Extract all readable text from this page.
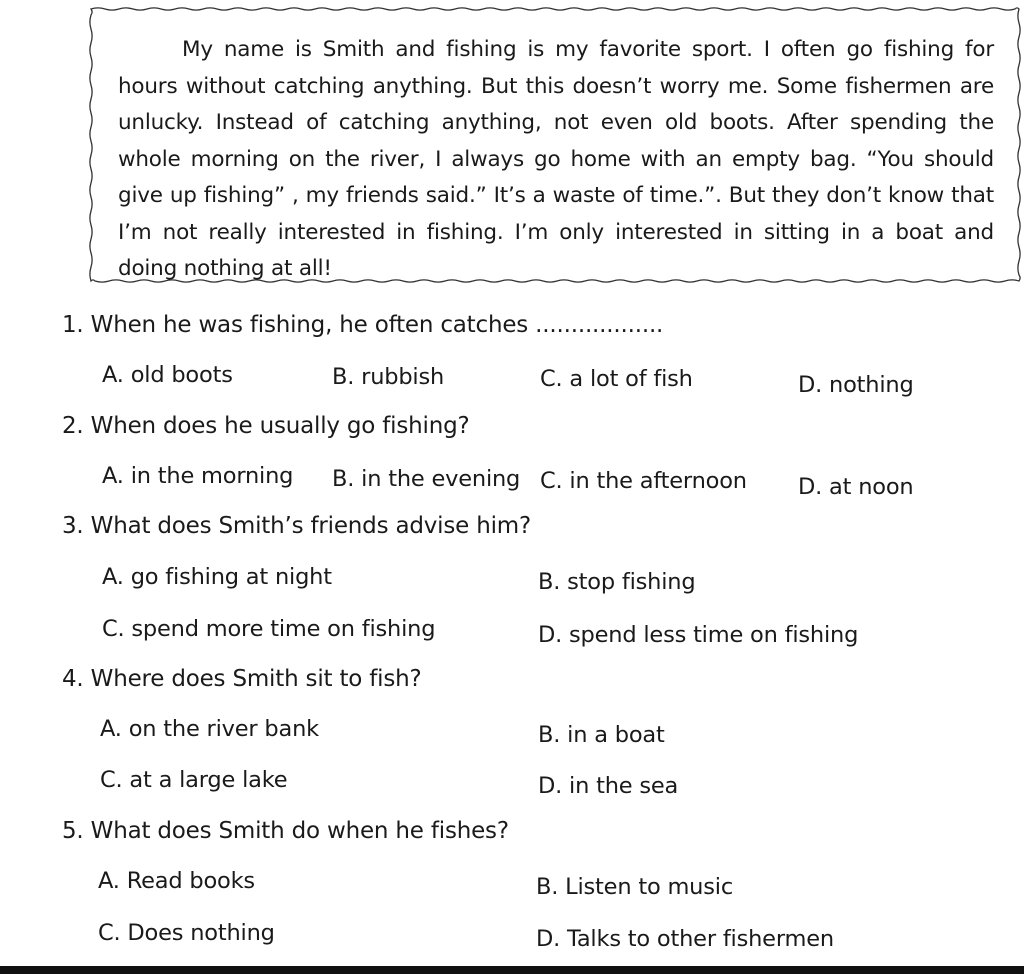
My name is Smith and fishing is my favorite sport. I often go fishing for hours without catching anything. But this doesn’t worry me. Some fishermen are unlucky. Instead of catching anything, not even old boots. After spending the whole morning on the river, I always go home with an empty bag. “You should give up fishing” , my friends said.” It’s a waste of time.”. But they don’t know that I’m not really interested in fishing. I’m only interested in sitting in a boat and doing nothing at all!

1. When he was fishing, he often catches ..................
A. old boots	B. rubbish	C. a lot of fish	D. nothing
2. When does he usually go fishing?
A. in the morning B. in the evening C. in the afternoon D. at noon
3. What does Smith’s friends advise him?
A. go fishing at night	B. stop fishing
C. spend more time on fishing	D. spend less time on fishing
4. Where does Smith sit to fish?
A. on the river bank	B. in a boat
C. at a large lake	D. in the sea
5. What does Smith do when he fishes?
A. Read books	B. Listen to music
C. Does nothing	D. Talks to other fishermen
